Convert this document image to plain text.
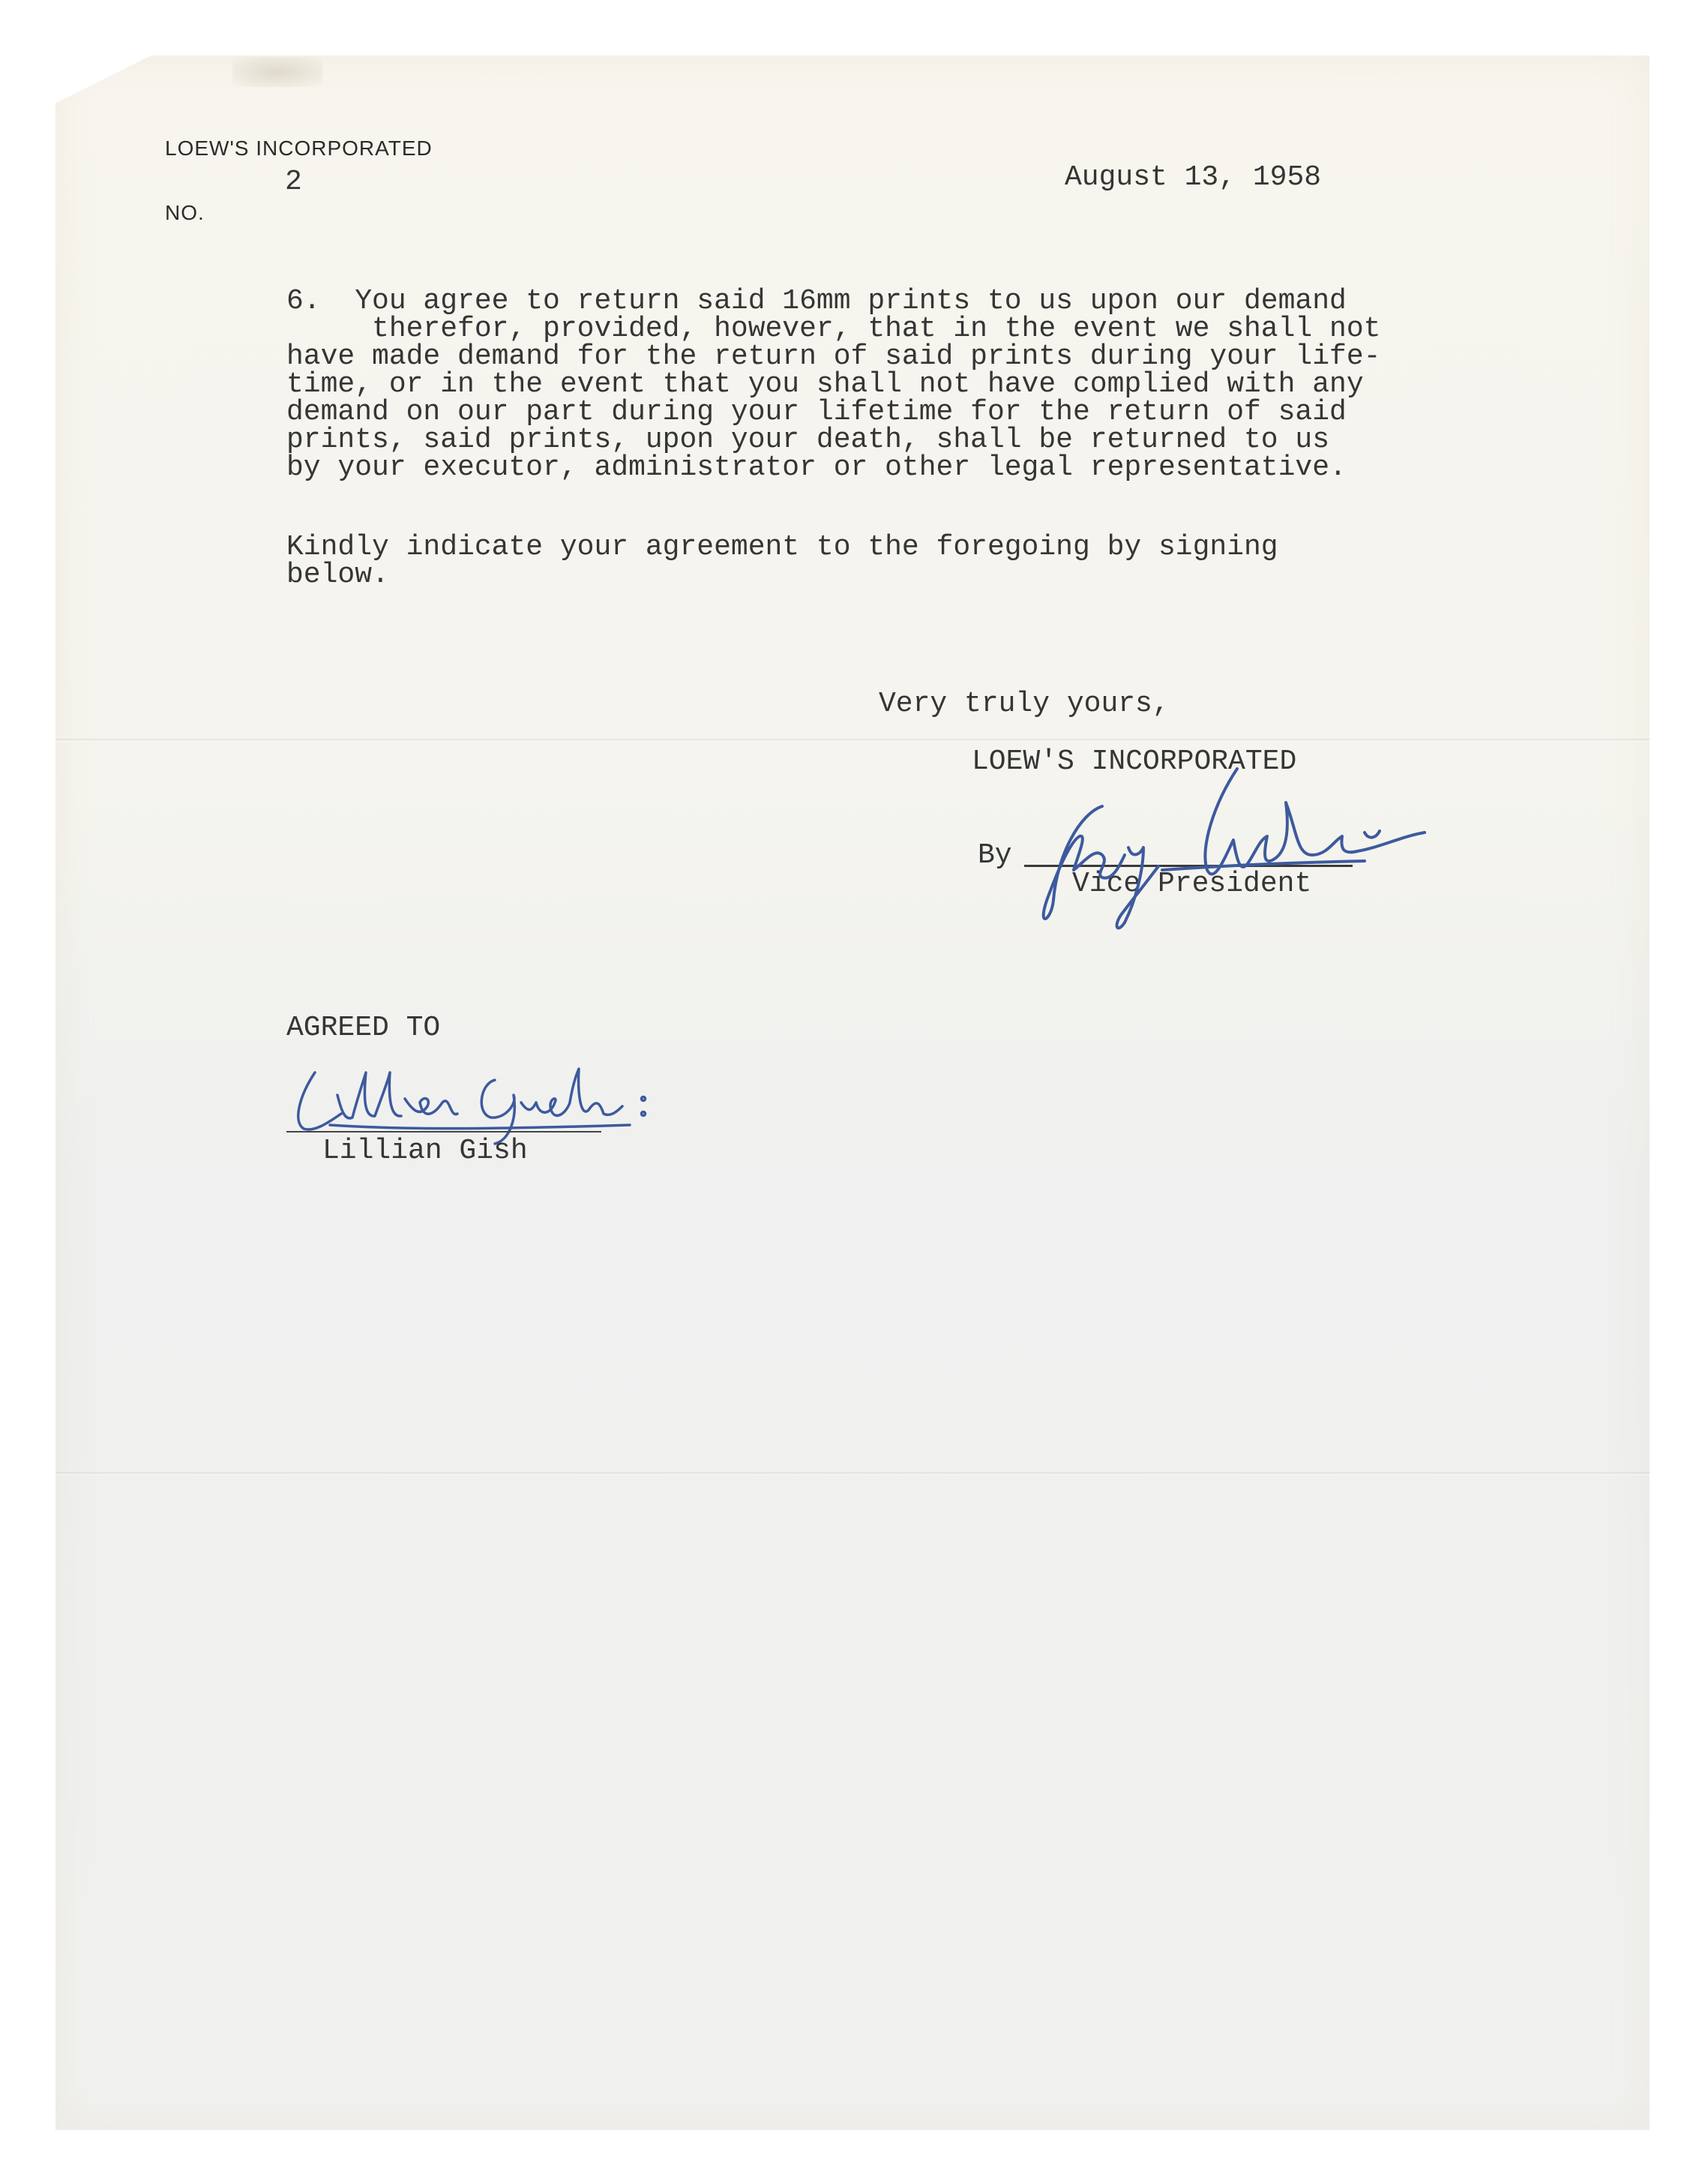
LOEW'S INCORPORATED
NO.
2	August 13, 1958
6.  You agree to return said 16mm prints to us upon our demand
therefor, provided, however, that in the event we shall not
have made demand for the return of said prints during your life-
time, or in the event that you shall not have complied with any
demand on our part during your lifetime for the return of said
prints, said prints, upon your death, shall be returned to us
by your executor, administrator or other legal representative.
Kindly indicate your agreement to the foregoing by signing
below.
Very truly yours,
LOEW'S INCORPORATED
By
Vice President
AGREED TO
Lillian Gish
